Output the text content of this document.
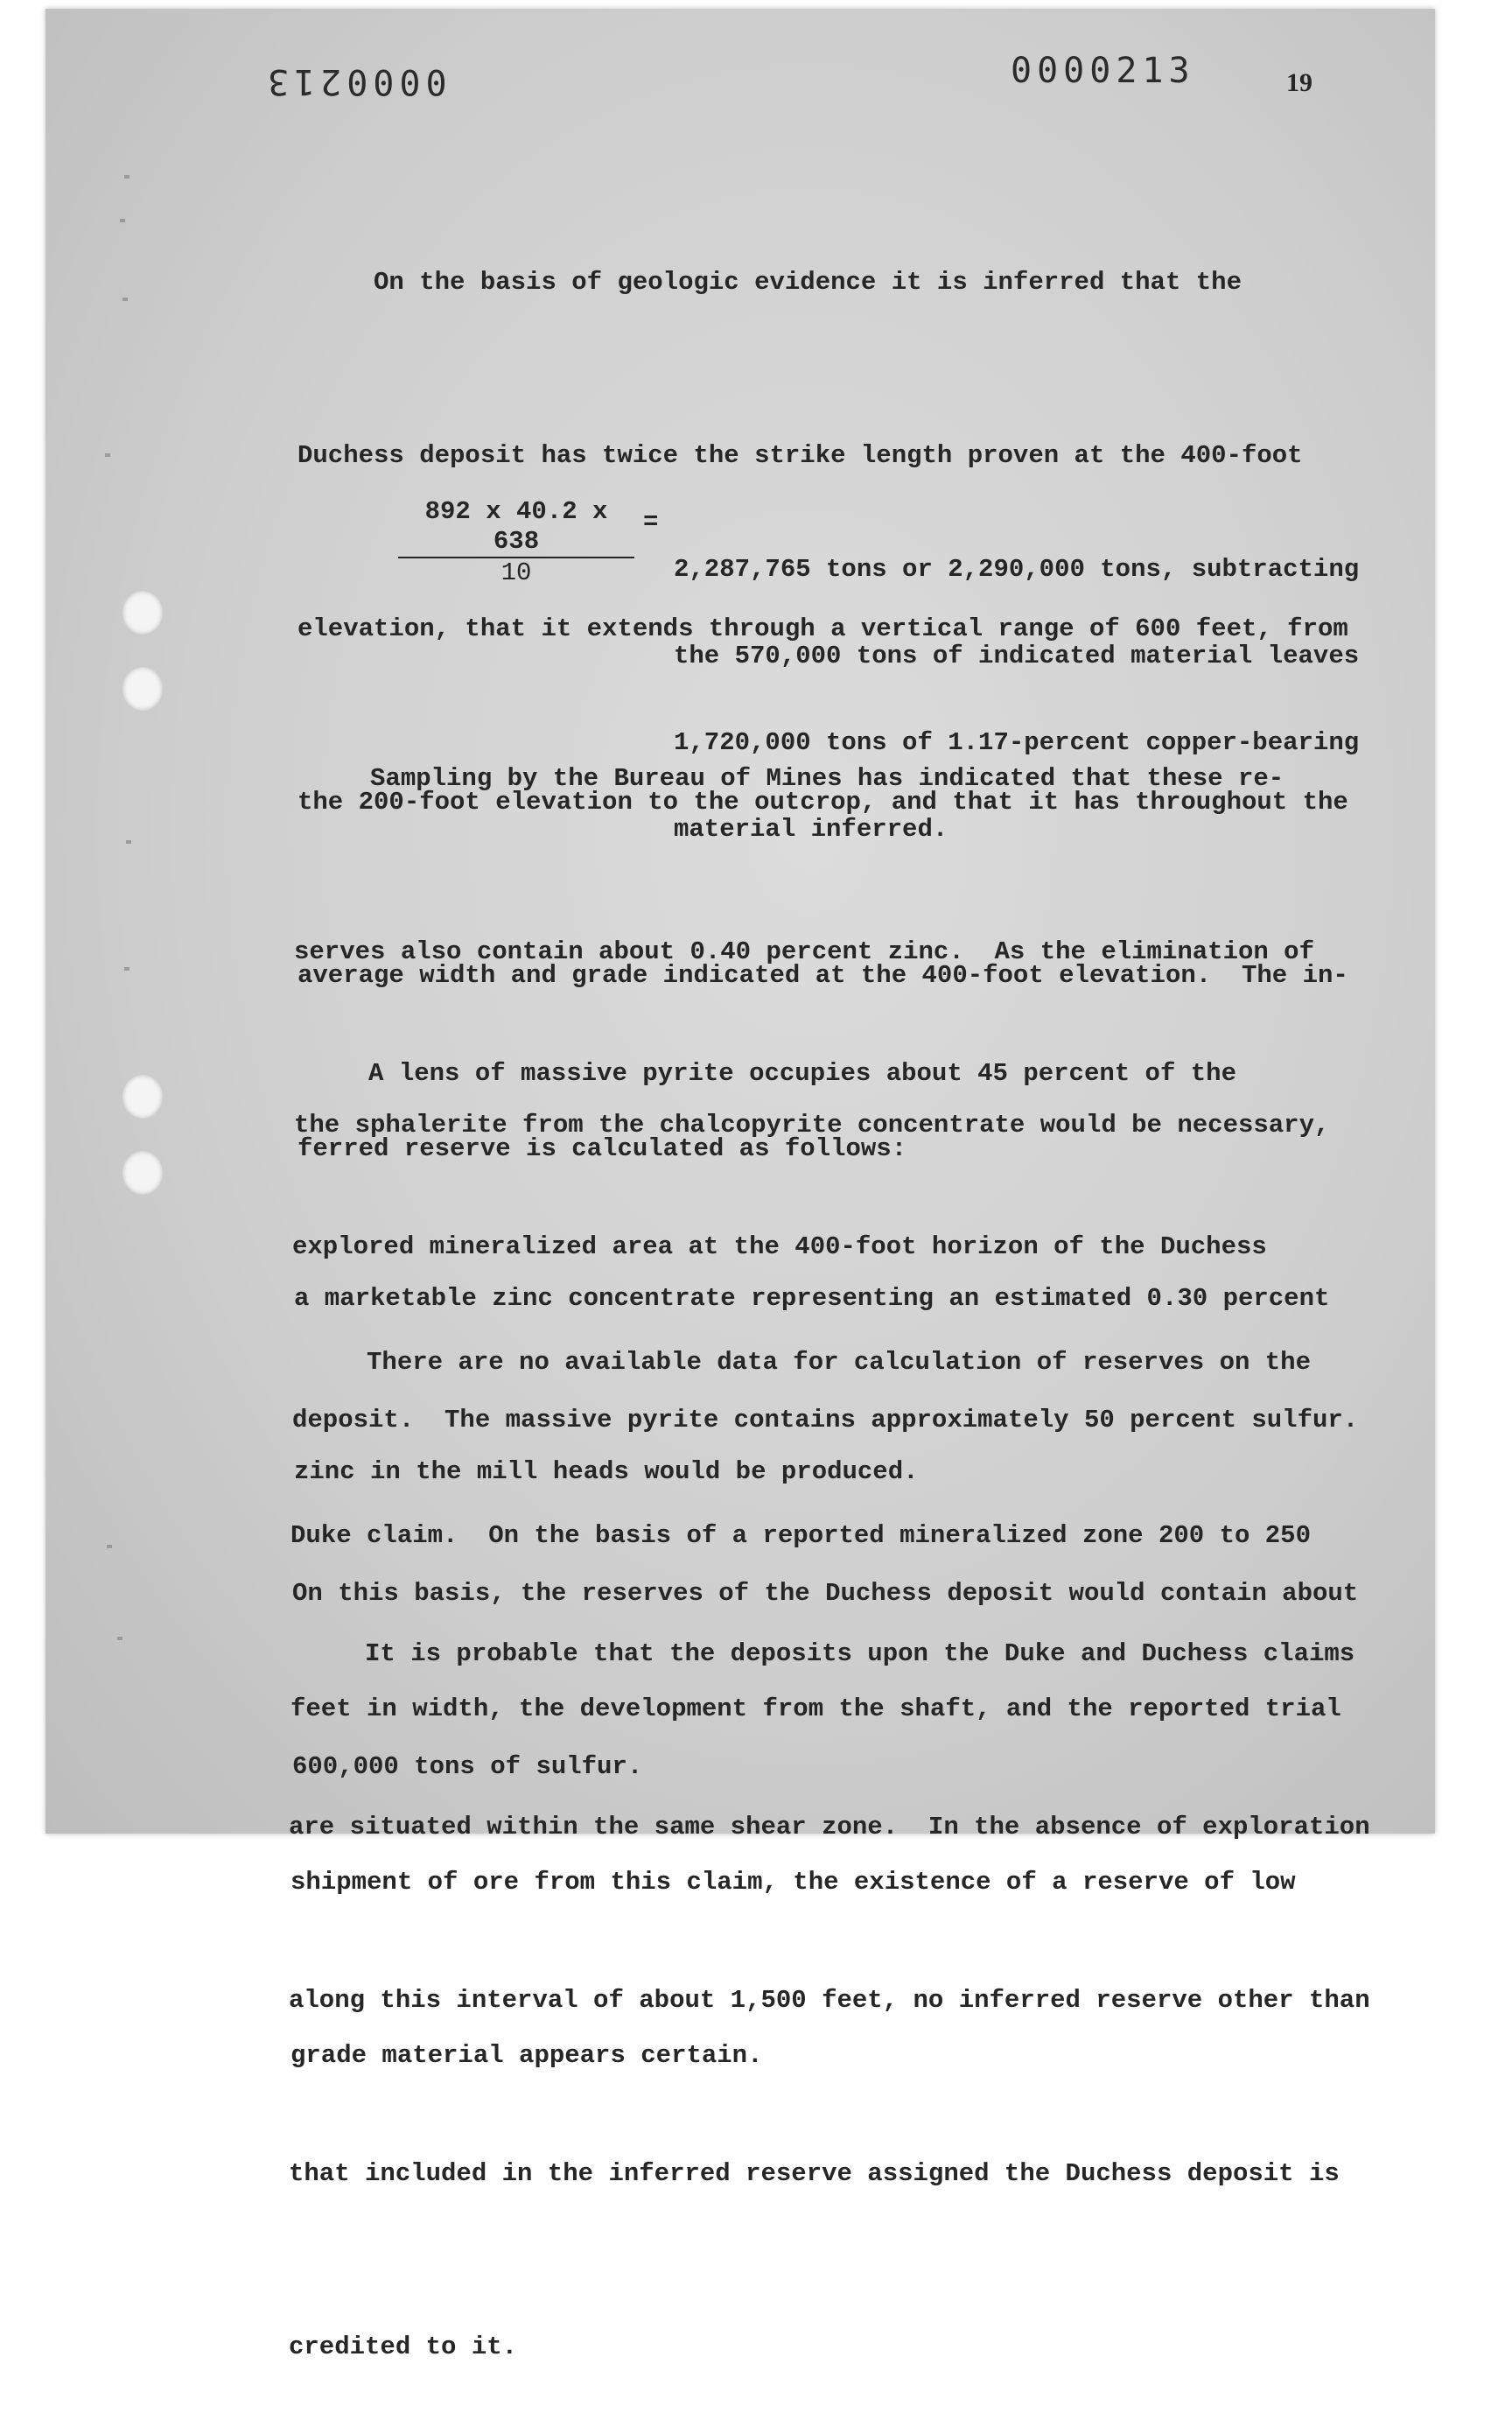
0000213	0000213	19

On the basis of geologic evidence it is inferred that the

Duchess deposit has twice the strike length proven at the 400-foot

elevation, that it extends through a vertical range of 600 feet, from

the 200-foot elevation to the outcrop, and that it has throughout the

average width and grade indicated at the 400-foot elevation.  The in-

ferred reserve is calculated as follows:

$\frac{892 x 40.2 x 638}{10}$ =

2,287,765 tons or 2,290,000 tons, subtracting

the 570,000 tons of indicated material leaves

1,720,000 tons of 1.17-percent copper-bearing

material inferred.

Sampling by the Bureau of Mines has indicated that these re-

serves also contain about 0.40 percent zinc.  As the elimination of

the sphalerite from the chalcopyrite concentrate would be necessary,

a marketable zinc concentrate representing an estimated 0.30 percent

zinc in the mill heads would be produced.

A lens of massive pyrite occupies about 45 percent of the

explored mineralized area at the 400-foot horizon of the Duchess

deposit.  The massive pyrite contains approximately 50 percent sulfur.

On this basis, the reserves of the Duchess deposit would contain about

600,000 tons of sulfur.

There are no available data for calculation of reserves on the

Duke claim.  On the basis of a reported mineralized zone 200 to 250

feet in width, the development from the shaft, and the reported trial

shipment of ore from this claim, the existence of a reserve of low

grade material appears certain.

It is probable that the deposits upon the Duke and Duchess claims

are situated within the same shear zone.  In the absence of exploration

along this interval of about 1,500 feet, no inferred reserve other than

that included in the inferred reserve assigned the Duchess deposit is

credited to it.
